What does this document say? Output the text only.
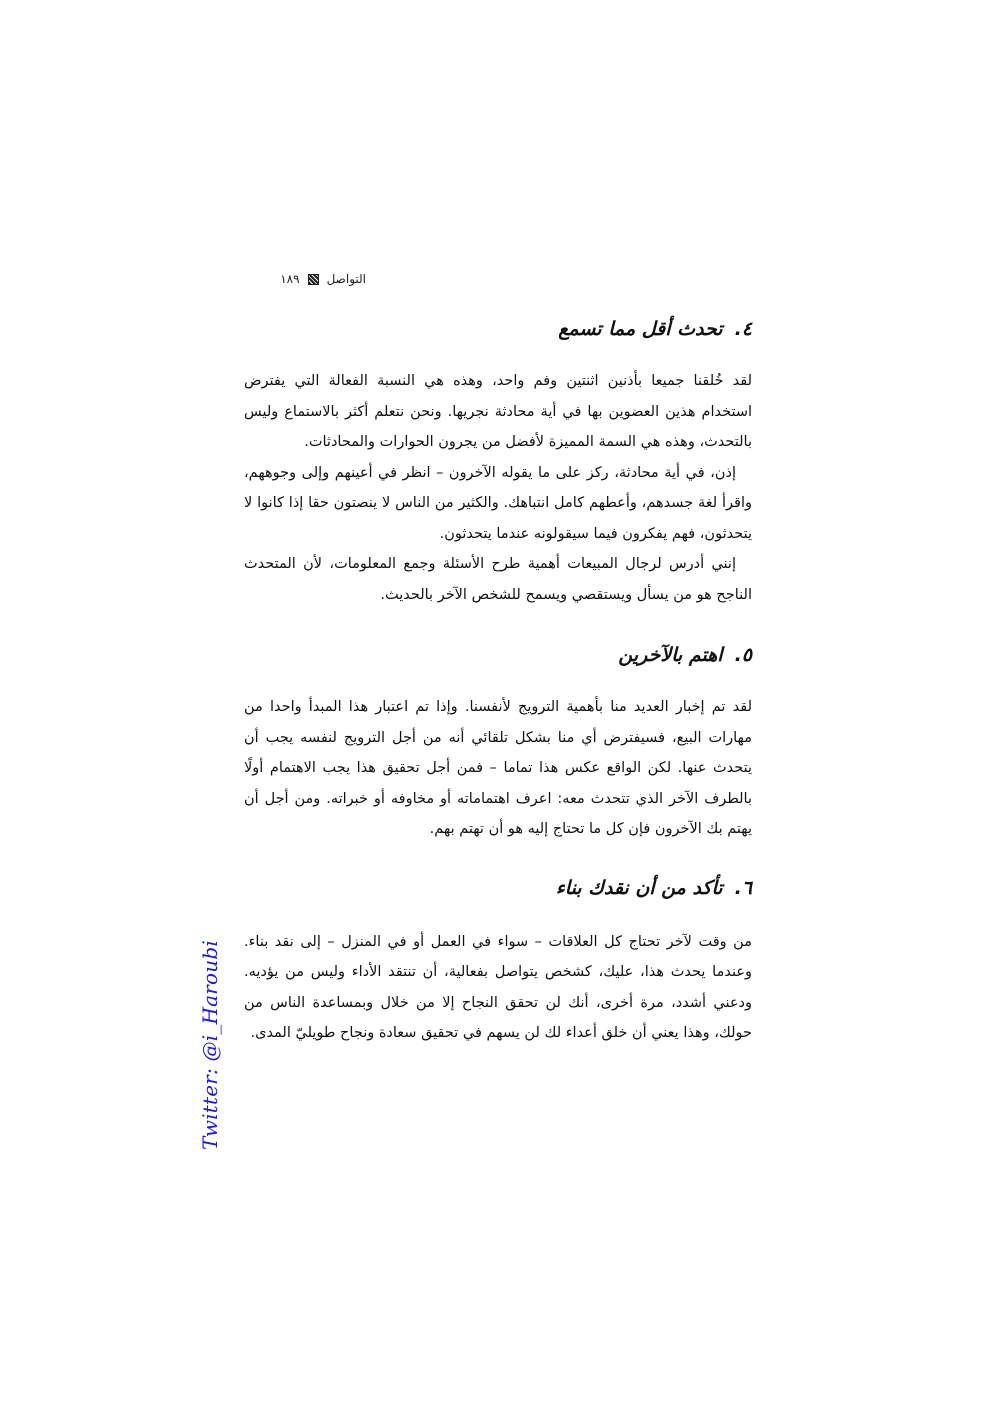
التواصل
١٨٩
٤.تحدث أقل مما تسمع

لقد خُلقنا جميعا بأذنين اثنتين وفم واحد، وهذه هي النسبة الفعالة التي يفترض استخدام هذين العضوين بها في أية محادثة نجريها. ونحن نتعلم أكثر بالاستماع وليس بالتحدث، وهذه هي السمة المميزة لأفضل من يجرون الحوارات والمحادثات.

إذن، في أية محادثة، ركز على ما يقوله الآخرون – انظر في أعينهم وإلى وجوههم، واقرأ لغة جسدهم، وأعطهم كامل انتباهك. والكثير من الناس لا ينصتون حقا إذا كانوا لا يتحدثون، فهم يفكرون فيما سيقولونه عندما يتحدثون.

إنني أدرس لرجال المبيعات أهمية طرح الأسئلة وجمع المعلومات، لأن المتحدث الناجح هو من يسأل ويستقصي ويسمح للشخص الآخر بالحديث.

٥.اهتم بالآخرين

لقد تم إخبار العديد منا بأهمية الترويج لأنفسنا. وإذا تم اعتبار هذا المبدأ واحدا من مهارات البيع، فسيفترض أي منا بشكل تلقائي أنه من أجل الترويج لنفسه يجب أن يتحدث عنها. لكن الواقع عكس هذا تماما – فمن أجل تحقيق هذا يجب الاهتمام أولًا بالطرف الآخر الذي تتحدث معه: اعرف اهتماماته أو مخاوفه أو خبراته. ومن أجل أن يهتم بك الآخرون فإن كل ما تحتاج إليه هو أن تهتم بهم.

٦.تأكد من أن نقدك بناء

من وقت لآخر تحتاج كل العلاقات – سواء في العمل أو في المنزل – إلى نقد بناء. وعندما يحدث هذا، عليك، كشخص يتواصل بفعالية، أن تنتقد الأداء وليس من يؤديه. ودعني أشدد، مرة أخرى، أنك لن تحقق النجاح إلا من خلال وبمساعدة الناس من حولك، وهذا يعني أن خلق أعداء لك لن يسهم في تحقيق سعادة ونجاح طويليّ المدى.

Twitter: @i_Haroubi
